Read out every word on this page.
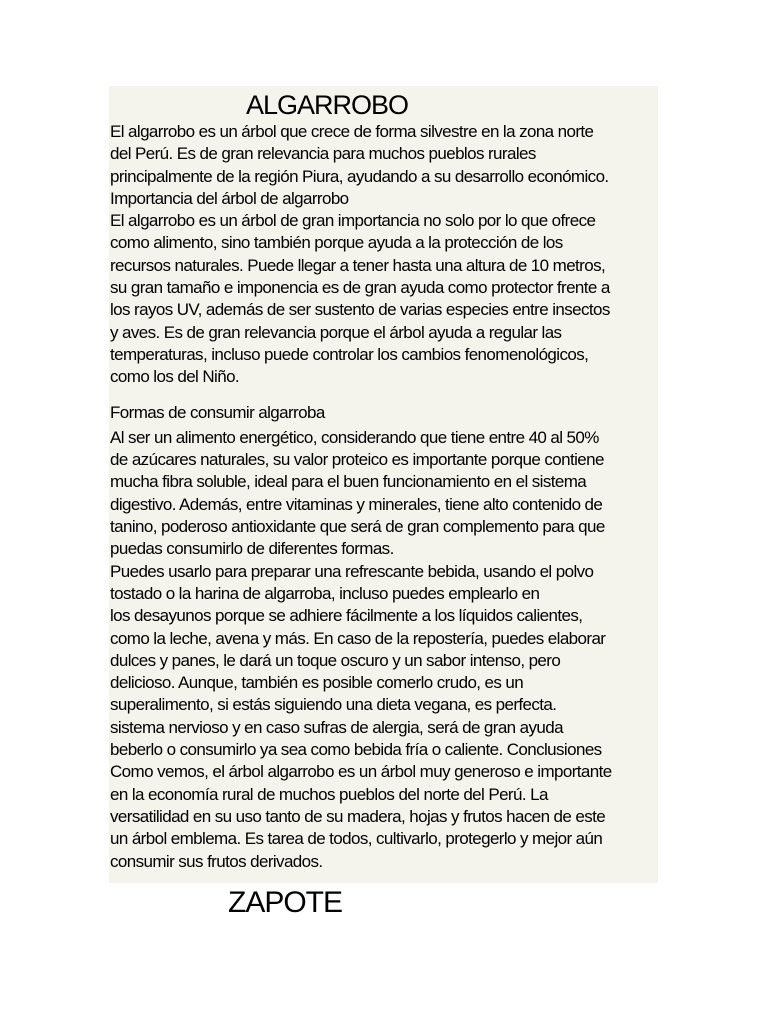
ALGARROBO
El algarrobo es un árbol que crece de forma silvestre en la zona norte
del Perú. Es de gran relevancia para muchos pueblos rurales
principalmente de la región Piura, ayudando a su desarrollo económico.
Importancia del árbol de algarrobo
El algarrobo es un árbol de gran importancia no solo por lo que ofrece
como alimento, sino también porque ayuda a la protección de los
recursos naturales. Puede llegar a tener hasta una altura de 10 metros,
su gran tamaño e imponencia es de gran ayuda como protector frente a
los rayos UV, además de ser sustento de varias especies entre insectos
y aves. Es de gran relevancia porque el árbol ayuda a regular las
temperaturas, incluso puede controlar los cambios fenomenológicos,
como los del Niño.
Formas de consumir algarroba
Al ser un alimento energético, considerando que tiene entre 40 al 50%
de azúcares naturales, su valor proteico es importante porque contiene
mucha fibra soluble, ideal para el buen funcionamiento en el sistema
digestivo. Además, entre vitaminas y minerales, tiene alto contenido de
tanino, poderoso antioxidante que será de gran complemento para que
puedas consumirlo de diferentes formas.
Puedes usarlo para preparar una refrescante bebida, usando el polvo
tostado o la harina de algarroba, incluso puedes emplearlo en
los desayunos porque se adhiere fácilmente a los líquidos calientes,
como la leche, avena y más. En caso de la repostería, puedes elaborar
dulces y panes, le dará un toque oscuro y un sabor intenso, pero
delicioso. Aunque, también es posible comerlo crudo, es un
superalimento, si estás siguiendo una dieta vegana, es perfecta.
sistema nervioso y en caso sufras de alergia, será de gran ayuda
beberlo o consumirlo ya sea como bebida fría o caliente. Conclusiones
Como vemos, el árbol algarrobo es un árbol muy generoso e importante
en la economía rural de muchos pueblos del norte del Perú. La
versatilidad en su uso tanto de su madera, hojas y frutos hacen de este
un árbol emblema. Es tarea de todos, cultivarlo, protegerlo y mejor aún
consumir sus frutos derivados.
ZAPOTE
